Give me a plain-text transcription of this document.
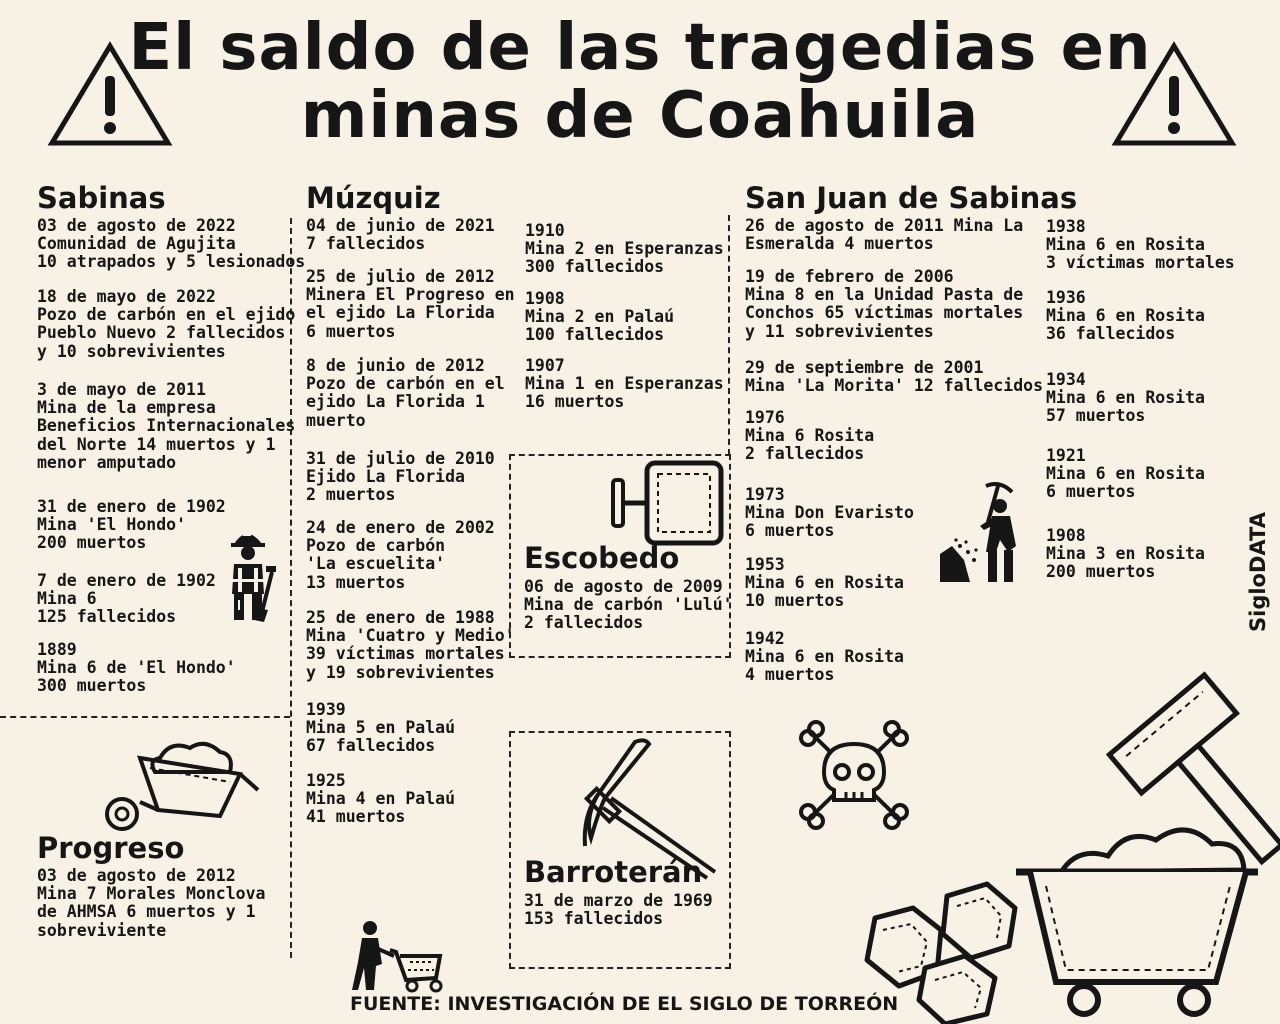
El saldo de las tragedias en
minas de Coahuila
Sabinas
03 de agosto de 2022
Comunidad de Agujita
10 atrapados y 5 lesionados
18 de mayo de 2022
Pozo de carbón en el ejido
Pueblo Nuevo 2 fallecidos
y 10 sobrevivientes
3 de mayo de 2011
Mina de la empresa
Beneficios Internacionales
del Norte 14 muertos y 1
menor amputado
31 de enero de 1902
Mina 'El Hondo'
200 muertos
7 de enero de 1902
Mina 6
125 fallecidos
1889
Mina 6 de 'El Hondo'
300 muertos
Progreso
03 de agosto de 2012
Mina 7 Morales Monclova
de AHMSA 6 muertos y 1
sobreviviente
Múzquiz
04 de junio de 2021
7 fallecidos
25 de julio de 2012
Minera El Progreso en
el ejido La Florida
6 muertos
8 de junio de 2012
Pozo de carbón en el
ejido La Florida 1
muerto
31 de julio de 2010
Ejido La Florida
2 muertos
24 de enero de 2002
Pozo de carbón
'La escuelita'
13 muertos
25 de enero de 1988
Mina 'Cuatro y Medio'
39 víctimas mortales
y 19 sobrevivientes
1939
Mina 5 en Palaú
67 fallecidos
1925
Mina 4 en Palaú
41 muertos
1910
Mina 2 en Esperanzas
300 fallecidos
1908
Mina 2 en Palaú
100 fallecidos
1907
Mina 1 en Esperanzas
16 muertos
Escobedo
06 de agosto de 2009
Mina de carbón 'Lulú'
2 fallecidos
Barroterán
31 de marzo de 1969
153 fallecidos
San Juan de Sabinas
26 de agosto de 2011 Mina La
Esmeralda 4 muertos
19 de febrero de 2006
Mina 8 en la Unidad Pasta de
Conchos 65 víctimas mortales
y 11 sobrevivientes
29 de septiembre de 2001
Mina 'La Morita' 12 fallecidos
1976
Mina 6 Rosita
2 fallecidos
1973
Mina Don Evaristo
6 muertos
1953
Mina 6 en Rosita
10 muertos
1942
Mina 6 en Rosita
4 muertos
1938
Mina 6 en Rosita
3 víctimas mortales
1936
Mina 6 en Rosita
36 fallecidos
1934
Mina 6 en Rosita
57 muertos
1921
Mina 6 en Rosita
6 muertos
1908
Mina 3 en Rosita
200 muertos
FUENTE: INVESTIGACIÓN DE EL SIGLO DE TORREÓN
SigloDATA
